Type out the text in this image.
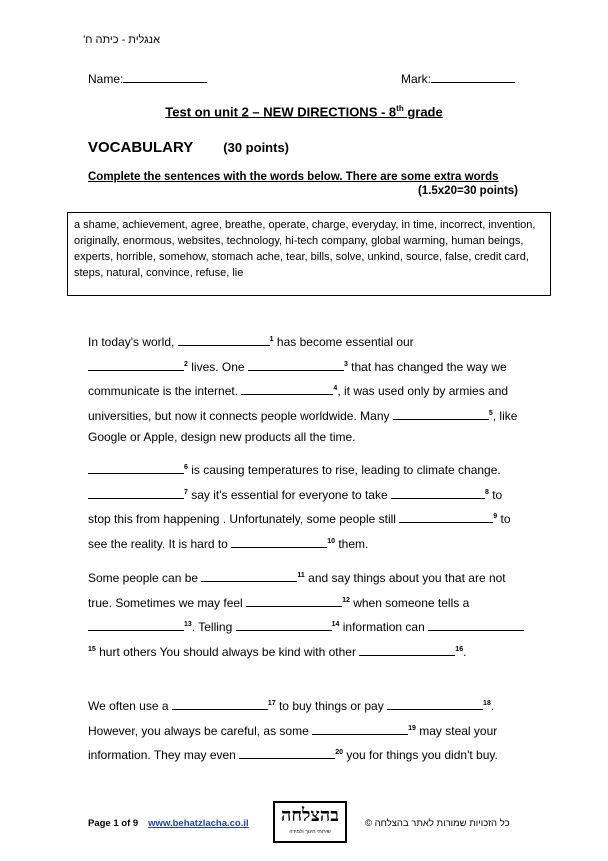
אנגלית - כיתה ח'
Name:	Mark:
Test on unit 2 – NEW DIRECTIONS - 8th grade
VOCABULARY (30 points)
Complete the sentences with the words below. There are some extra words
(1.5x20=30 points)
a shame, achievement, agree, breathe, operate, charge, everyday, in time, incorrect, invention, originally, enormous, websites, technology, hi-tech company, global warming, human beings, experts, horrible, somehow, stomach ache, tear, bills, solve, unkind, source, false, credit card, steps, natural, convince, refuse, lie

In today's world,	$^1$ has become essential our
$^2$ lives. One	$^3$ that has changed the way we communicate is the internet.	$^4$, it was used only by armies and universities, but now it connects people worldwide. Many	$^5$, like Google or Apple, design new products all the time.

$^6$ is causing temperatures to rise, leading to climate change. $^7$ say it's essential for everyone to take	$^8$ to stop this from happening . Unfortunately, some people still	$^9$ to see the reality. It is hard to	$^{10}$ them.

Some people can be	$^{11}$ and say things about you that are not true. Sometimes we may feel	$^{12}$ when someone tells a $^{13}$. Telling	$^{14}$ information can $^{15}$ hurt others You should always be kind with other	$^{16}$.

We often use a	$^{17}$ to buy things or pay	$^{18}$. However, you always be careful, as some	$^{19}$ may steal your information. They may even	$^{20}$ you for things you didn't buy.

Page 1 of 9 www.behatzlacha.co.il	בהצלחה
שירותי חינוך ולמידה
כל הזכויות שמורות לאתר בהצלחה ©
